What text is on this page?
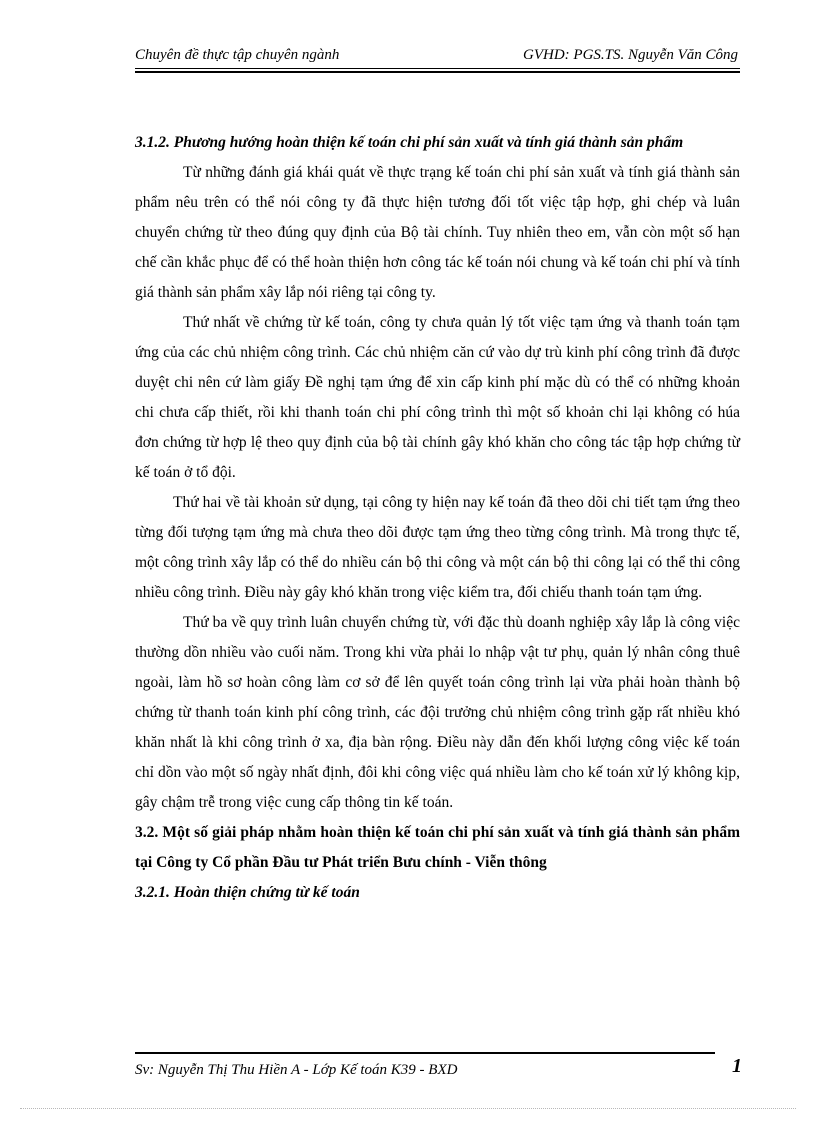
Chuyên đề thực tập chuyên ngành	GVHD: PGS.TS. Nguyễn Văn Công

3.1.2. Phương hướng hoàn thiện kế toán chi phí sản xuất và tính giá thành sản phẩm

Từ những đánh giá khái quát về thực trạng kế toán chi phí sản xuất và tính giá thành sản phẩm nêu trên có thể nói công ty đã thực hiện tương đối tốt việc tập hợp, ghi chép và luân chuyển chứng từ theo đúng quy định của Bộ tài chính. Tuy nhiên theo em, vẫn còn một số hạn chế cần khắc phục để có thể hoàn thiện hơn công tác kế toán nói chung và kế toán chi phí và tính giá thành sản phẩm xây lắp nói riêng tại công ty.

Thứ nhất về chứng từ kế toán, công ty chưa quản lý tốt việc tạm ứng và thanh toán tạm ứng của các chủ nhiệm công trình. Các chủ nhiệm căn cứ vào dự trù kinh phí công trình đã được duyệt chi nên cứ làm giấy Đề nghị tạm ứng để xin cấp kinh phí mặc dù có thể có những khoản chi chưa cấp thiết, rồi khi thanh toán chi phí công trình thì một số khoản chi lại không có húa đơn chứng từ hợp lệ theo quy định của bộ tài chính gây khó khăn cho công tác tập hợp chứng từ kế toán ở tổ đội.

Thứ hai về tài khoản sử dụng, tại công ty hiện nay kế toán đã theo dõi chi tiết tạm ứng theo từng đối tượng tạm ứng mà chưa theo dõi được tạm ứng theo từng công trình. Mà trong thực tế, một công trình xây lắp có thể do nhiều cán bộ thi công và một cán bộ thi công lại có thể thi công nhiều công trình. Điều này gây khó khăn trong việc kiểm tra, đối chiếu thanh toán tạm ứng.

Thứ ba về quy trình luân chuyển chứng từ, với đặc thù doanh nghiệp xây lắp là công việc thường dồn nhiều vào cuối năm. Trong khi vừa phải lo nhập vật tư phụ, quản lý nhân công thuê ngoài, làm hồ sơ hoàn công làm cơ sở để lên quyết toán công trình lại vừa phải hoàn thành bộ chứng từ thanh toán kinh phí công trình, các đội trưởng chủ nhiệm công trình gặp rất nhiều khó khăn nhất là khi công trình ở xa, địa bàn rộng. Điều này dẫn đến khối lượng công việc kế toán chỉ dồn vào một số ngày nhất định, đôi khi công việc quá nhiều làm cho kế toán xử lý không kịp, gây chậm trễ trong việc cung cấp thông tin kế toán.

3.2. Một số giải pháp nhằm hoàn thiện kế toán chi phí sản xuất và tính giá thành sản phẩm tại Công ty Cổ phần Đầu tư Phát triển Bưu chính - Viễn thông

3.2.1. Hoàn thiện chứng từ kế toán

Sv: Nguyễn Thị Thu Hiền A - Lớp Kế toán K39 - BXD	1
